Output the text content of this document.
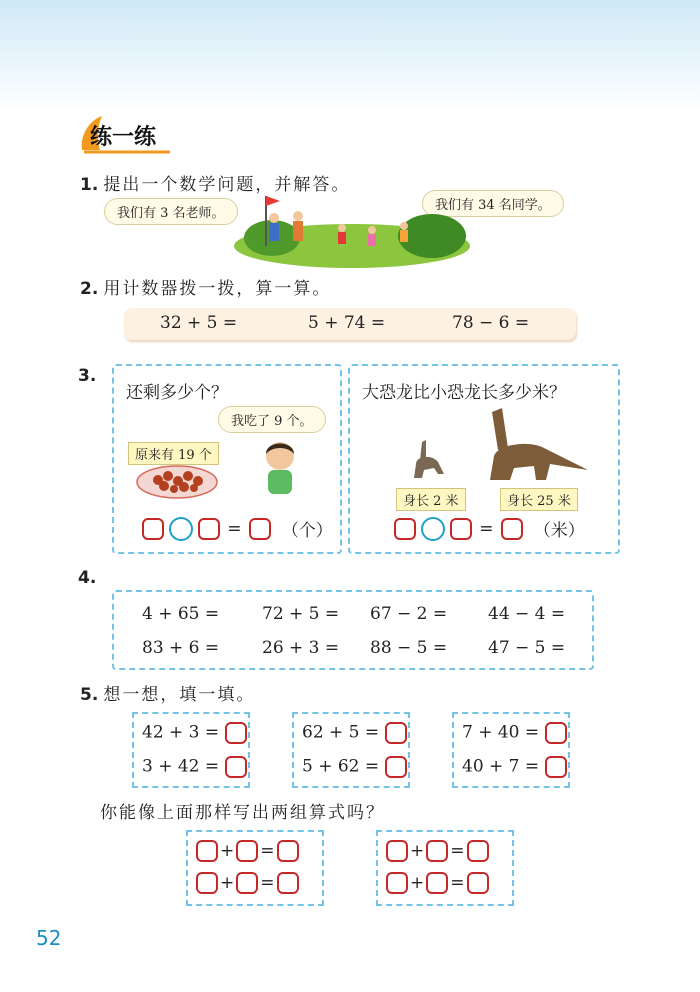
练一练
1. 提出一个数学问题，并解答。
我们有 3 名老师。
我们有 34 名同学。
2. 用计数器拨一拨，算一算。
32 + 5 =	5 + 74 =	78 − 6 =
3.
还剩多少个？
我吃了 9 个。
原来有 19 个
= （个）
大恐龙比小恐龙长多少米？
身长 2 米	身长 25 米
= （米）
4.
4 + 65 =	72 + 5 = 67 − 2 = 44 − 4 =
83 + 6 =	26 + 3 = 88 − 5 = 47 − 5 =
5. 想一想，填一填。
42 + 3 =
3 + 42 =
62 + 5 =
5 + 62 =
7 + 40 =
40 + 7 =
你能像上面那样写出两组算式吗？
+ =
+ =
+ =
+ =
52
